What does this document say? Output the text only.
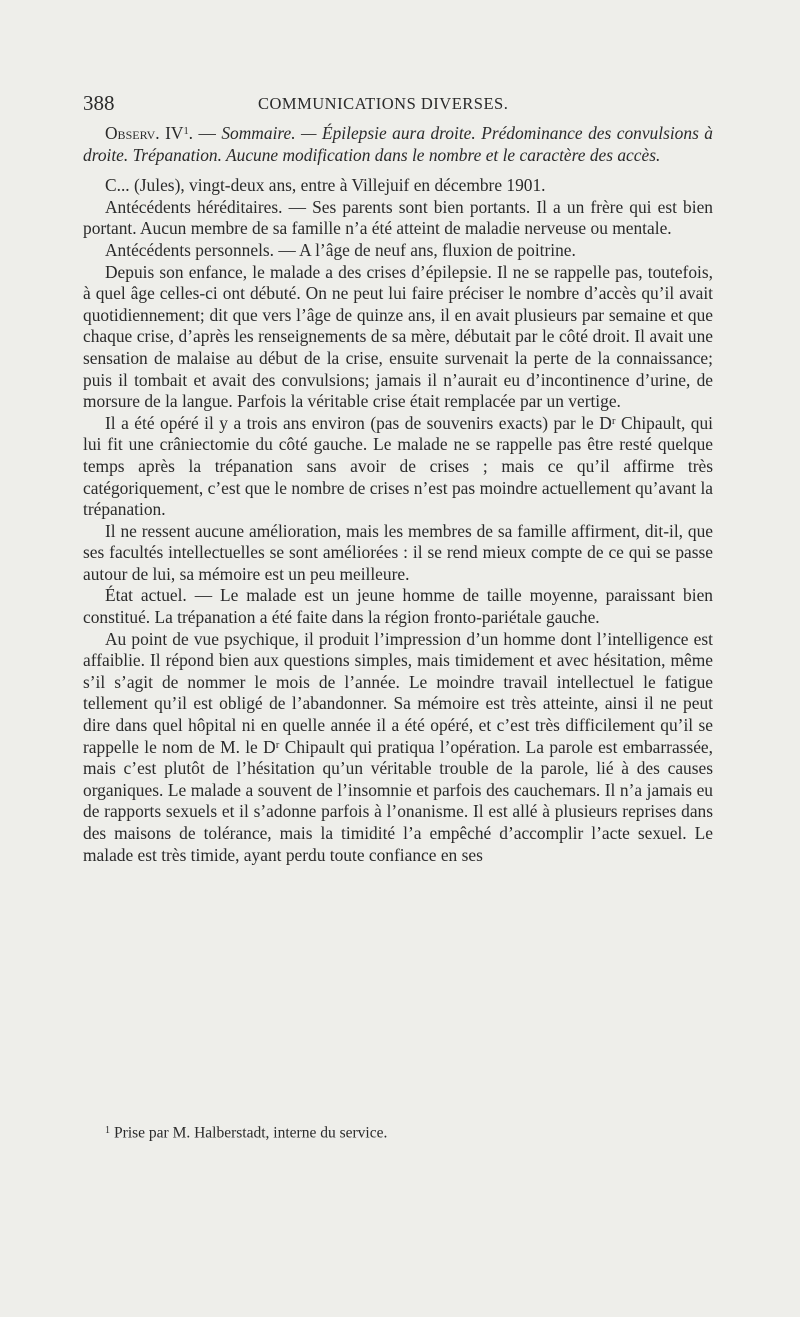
388	COMMUNICATIONS DIVERSES.

Observ. $IV^1$. — Sommaire. — Épilepsie aura droite. Prédominance des convulsions à droite. Trépanation. Aucune modification dans le nombre et le caractère des accès.

C... (Jules), vingt-deux ans, entre à Villejuif en décembre 1901.

Antécédents héréditaires. — Ses parents sont bien portants. Il a un frère qui est bien portant. Aucun membre de sa famille n’a été atteint de maladie nerveuse ou mentale.

Antécédents personnels. — A l’âge de neuf ans, fluxion de poitrine.

Depuis son enfance, le malade a des crises d’épilepsie. Il ne se rappelle pas, toutefois, à quel âge celles-ci ont débuté. On ne peut lui faire préciser le nombre d’accès qu’il avait quotidiennement; dit que vers l’âge de quinze ans, il en avait plusieurs par semaine et que chaque crise, d’après les renseignements de sa mère, débutait par le côté droit. Il avait une sensation de malaise au début de la crise, ensuite survenait la perte de la connaissance; puis il tombait et avait des convulsions; jamais il n’aurait eu d’incontinence d’urine, de morsure de la langue. Parfois la véritable crise était remplacée par un vertige.

Il a été opéré il y a trois ans environ (pas de souvenirs exacts) par le Dʳ Chipault, qui lui fit une crâniectomie du côté gauche. Le malade ne se rappelle pas être resté quelque temps après la trépanation sans avoir de crises ; mais ce qu’il affirme très catégoriquement, c’est que le nombre de crises n’est pas moindre actuellement qu’avant la trépanation.

Il ne ressent aucune amélioration, mais les membres de sa famille affirment, dit-il, que ses facultés intellectuelles se sont améliorées : il se rend mieux compte de ce qui se passe autour de lui, sa mémoire est un peu meilleure.

État actuel. — Le malade est un jeune homme de taille moyenne, paraissant bien constitué. La trépanation a été faite dans la région fronto-pariétale gauche.

Au point de vue psychique, il produit l’impression d’un homme dont l’intelligence est affaiblie. Il répond bien aux questions simples, mais timidement et avec hésitation, même s’il s’agit de nommer le mois de l’année. Le moindre travail intellectuel le fatigue tellement qu’il est obligé de l’abandonner. Sa mémoire est très atteinte, ainsi il ne peut dire dans quel hôpital ni en quelle année il a été opéré, et c’est très difficilement qu’il se rappelle le nom de M. le Dʳ Chipault qui pratiqua l’opération. La parole est embarrassée, mais c’est plutôt de l’hésitation qu’un véritable trouble de la parole, lié à des causes organiques. Le malade a souvent de l’insomnie et parfois des cauchemars. Il n’a jamais eu de rapports sexuels et il s’adonne parfois à l’onanisme. Il est allé à plusieurs reprises dans des maisons de tolérance, mais la timidité l’a empêché d’accomplir l’acte sexuel. Le malade est très timide, ayant perdu toute confiance en ses

$^1$ Prise par M. Halberstadt, interne du service.
